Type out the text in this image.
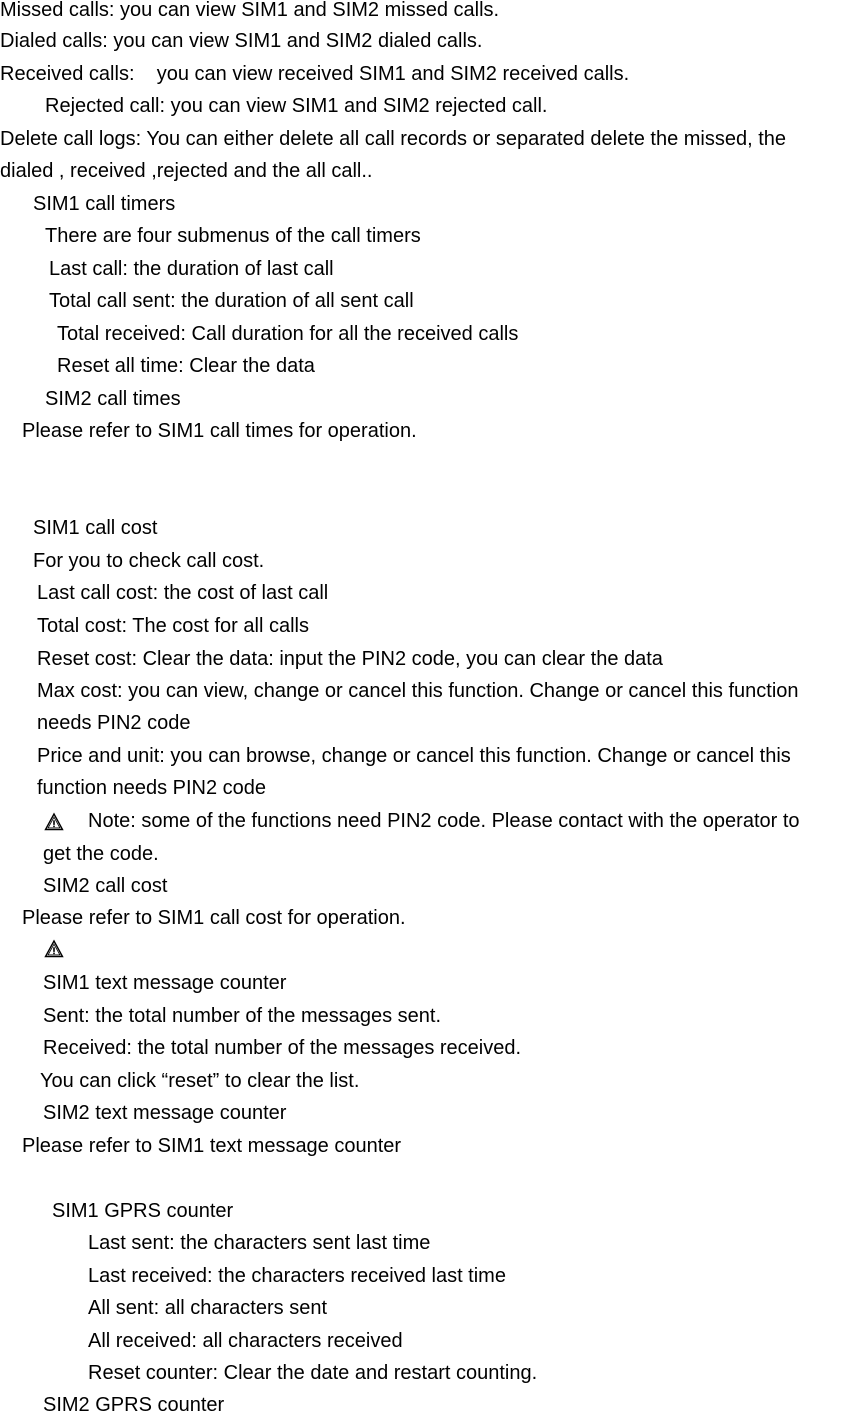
Missed calls: you can view SIM1 and SIM2 missed calls.
Dialed calls: you can view SIM1 and SIM2 dialed calls.
Received calls:    you can view received SIM1 and SIM2 received calls.
Rejected call: you can view SIM1 and SIM2 rejected call.
Delete call logs: You can either delete all call records or separated delete the missed, the
dialed , received ,rejected and the all call..
SIM1 call timers
There are four submenus of the call timers
Last call: the duration of last call
Total call sent: the duration of all sent call
Total received: Call duration for all the received calls
Reset all time: Clear the data
SIM2 call times
Please refer to SIM1 call times for operation.
SIM1 call cost
For you to check call cost.
Last call cost: the cost of last call
Total cost: The cost for all calls
Reset cost: Clear the data: input the PIN2 code, you can clear the data
Max cost: you can view, change or cancel this function. Change or cancel this function
needs PIN2 code
Price and unit: you can browse, change or cancel this function. Change or cancel this
function needs PIN2 code
Note: some of the functions need PIN2 code. Please contact with the operator to
get the code.
SIM2 call cost
Please refer to SIM1 call cost for operation.
SIM1 text message counter
Sent: the total number of the messages sent.
Received: the total number of the messages received.
You can click “reset” to clear the list.
SIM2 text message counter
Please refer to SIM1 text message counter
SIM1 GPRS counter
Last sent: the characters sent last time
Last received: the characters received last time
All sent: all characters sent
All received: all characters received
Reset counter: Clear the date and restart counting.
SIM2 GPRS counter
